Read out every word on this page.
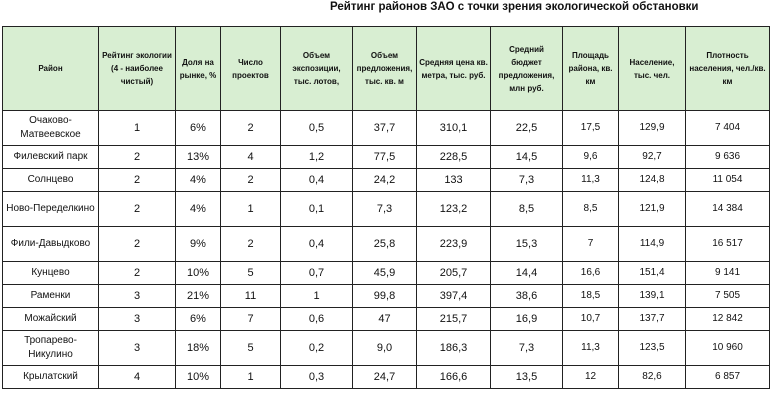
Рейтинг районов ЗАО с точки зрения экологической обстановки
Район	Рейтинг экологии (4 - наиболее чистый)	Доля на рынке, %	Число проектов	Объем экспозиции, тыс. лотов,	Объем предложения, тыс. кв. м	Средняя цена кв. метра, тыс. руб.	Средний бюджет предложения, млн руб.	Площадь района, кв. км	Население, тыс. чел.	Плотность населения, чел./кв. км
Очаково-Матвеевское	1	6%	2	0,5	37,7	310,1	22,5	17,5	129,9	7 404
Филевский парк	2	13%	4	1,2	77,5	228,5	14,5	9,6	92,7	9 636
Солнцево	2	4%	2	0,4	24,2	133	7,3	11,3	124,8	11 054
Ново-Переделкино	2	4%	1	0,1	7,3	123,2	8,5	8,5	121,9	14 384
Фили-Давыдково	2	9%	2	0,4	25,8	223,9	15,3	7	114,9	16 517
Кунцево	2	10%	5	0,7	45,9	205,7	14,4	16,6	151,4	9 141
Раменки	3	21%	11	1	99,8	397,4	38,6	18,5	139,1	7 505
Можайский	3	6%	7	0,6	47	215,7	16,9	10,7	137,7	12 842
Тропарево-Никулино	3	18%	5	0,2	9,0	186,3	7,3	11,3	123,5	10 960
Крылатский	4	10%	1	0,3	24,7	166,6	13,5	12	82,6	6 857
